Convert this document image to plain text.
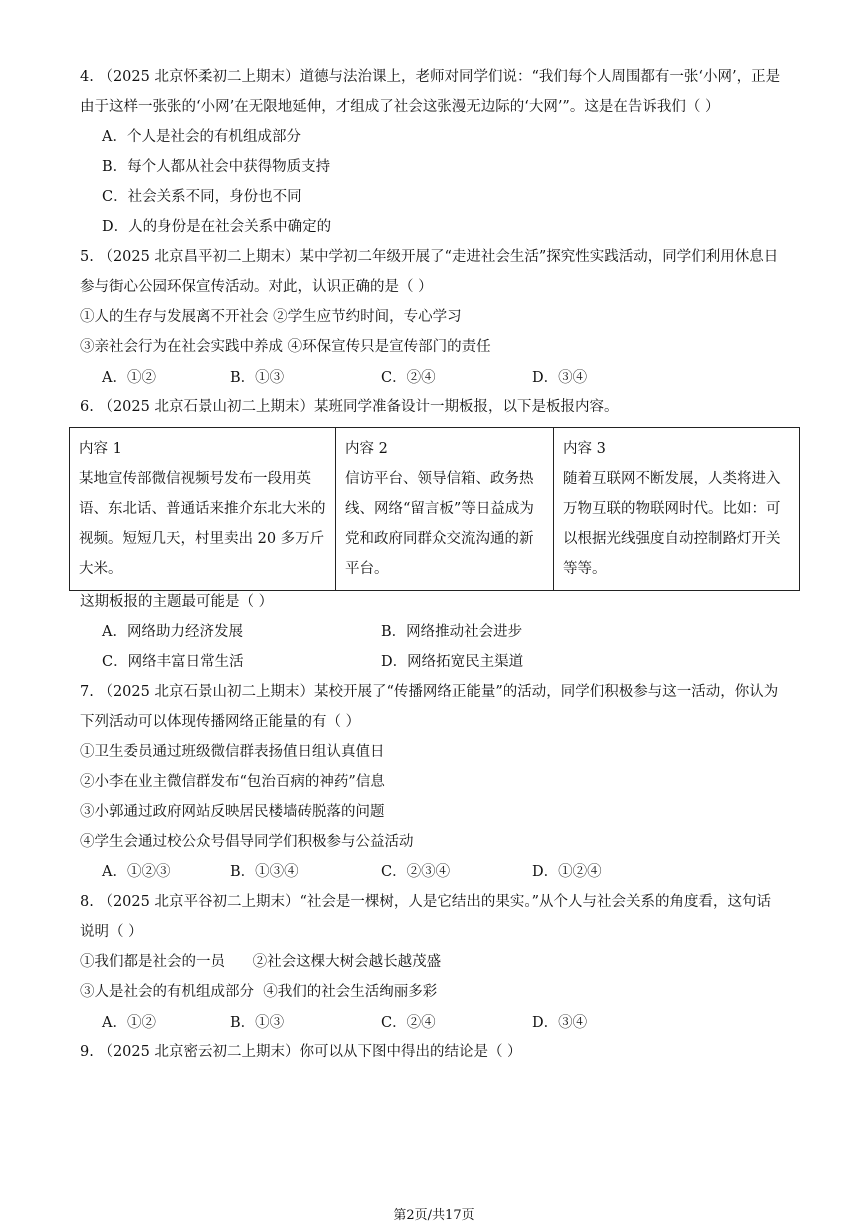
4. （2025 北京怀柔初二上期末）道德与法治课上，老师对同学们说：“我们每个人周围都有一张‘小网’，正是
由于这样一张张的‘小网’在无限地延伸，才组成了社会这张漫无边际的‘大网’”。这是在告诉我们（ ）
A．个人是社会的有机组成部分
B．每个人都从社会中获得物质支持
C．社会关系不同，身份也不同
D．人的身份是在社会关系中确定的
5. （2025 北京昌平初二上期末）某中学初二年级开展了“走进社会生活”探究性实践活动，同学们利用休息日
参与街心公园环保宣传活动。对此，认识正确的是（ ）
①人的生存与发展离不开社会 ②学生应节约时间，专心学习
③亲社会行为在社会实践中养成 ④环保宣传只是宣传部门的责任
A．①②	B．①③	C．②④	D．③④
6. （2025 北京石景山初二上期末）某班同学准备设计一期板报，以下是板报内容。
内容 1
某地宣传部微信视频号发布一段用英语、东北话、普通话来推介东北大米的视频。短短几天，村里卖出 20 多万斤大米。

内容 2
信访平台、领导信箱、政务热线、网络“留言板”等日益成为党和政府同群众交流沟通的新平台。

内容 3
随着互联网不断发展，人类将进入万物互联的物联网时代。比如：可以根据光线强度自动控制路灯开关等等。
这期板报的主题最可能是（ ）
A．网络助力经济发展	B．网络推动社会进步
C．网络丰富日常生活	D．网络拓宽民主渠道
7. （2025 北京石景山初二上期末）某校开展了“传播网络正能量”的活动，同学们积极参与这一活动，你认为
下列活动可以体现传播网络正能量的有（ ）
①卫生委员通过班级微信群表扬值日组认真值日
②小李在业主微信群发布“包治百病的神药”信息
③小郭通过政府网站反映居民楼墙砖脱落的问题
④学生会通过校公众号倡导同学们积极参与公益活动
A．①②③	B．①③④	C．②③④	D．①②④
8. （2025 北京平谷初二上期末）“社会是一棵树，人是它结出的果实。”从个人与社会关系的角度看，这句话
说明（ ）
①我们都是社会的一员      ②社会这棵大树会越长越茂盛
③人是社会的有机组成部分  ④我们的社会生活绚丽多彩
A．①②	B．①③	C．②④	D．③④
9. （2025 北京密云初二上期末）你可以从下图中得出的结论是（ ）
第2页/共17页
